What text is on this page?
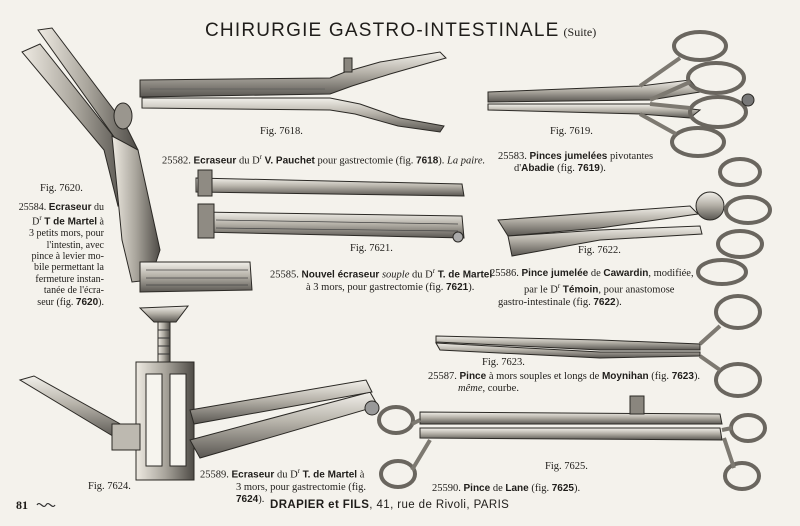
CHIRURGIE GASTRO-INTESTINALE (Suite)
Fig. 7618.	Fig. 7619.
Fig. 7620.
Fig. 7621.	Fig. 7622.
Fig. 7623.
Fig. 7624.
Fig. 7625.
25582. Ecraseur du $D^r$ V. Pauchet pour gastrectomie (fig. 7618). La paire. 25583. Pinces jumelées pivotantes
d'Abadie (fig. 7619).
25584. Ecraseur du
$D^r$ T de Martel à
3 petits mors, pour
l'intestin, avec
pince à levier mo-
bile permettant la
fermeture instan-
tanée de l'écra-
seur (fig. 7620).
25585. Nouvel écraseur souple du $D^r$ T. de Martel
à 3 mors, pour gastrectomie (fig. 7621).
25586. Pince jumelée de Cawardin, modifiée,
par le $D^r$ Témoin, pour anastomose
gastro-intestinale (fig. 7622).
25587. Pince à mors souples et longs de Moynihan (fig. 7623).
même, courbe.
25589. Ecraseur du $D^r$ T. de Martel à
3 mors, pour gastrectomie (fig.
7624).
25590. Pince de Lane (fig. 7625).
81	DRAPIER et FILS, 41, rue de Rivoli, PARIS
